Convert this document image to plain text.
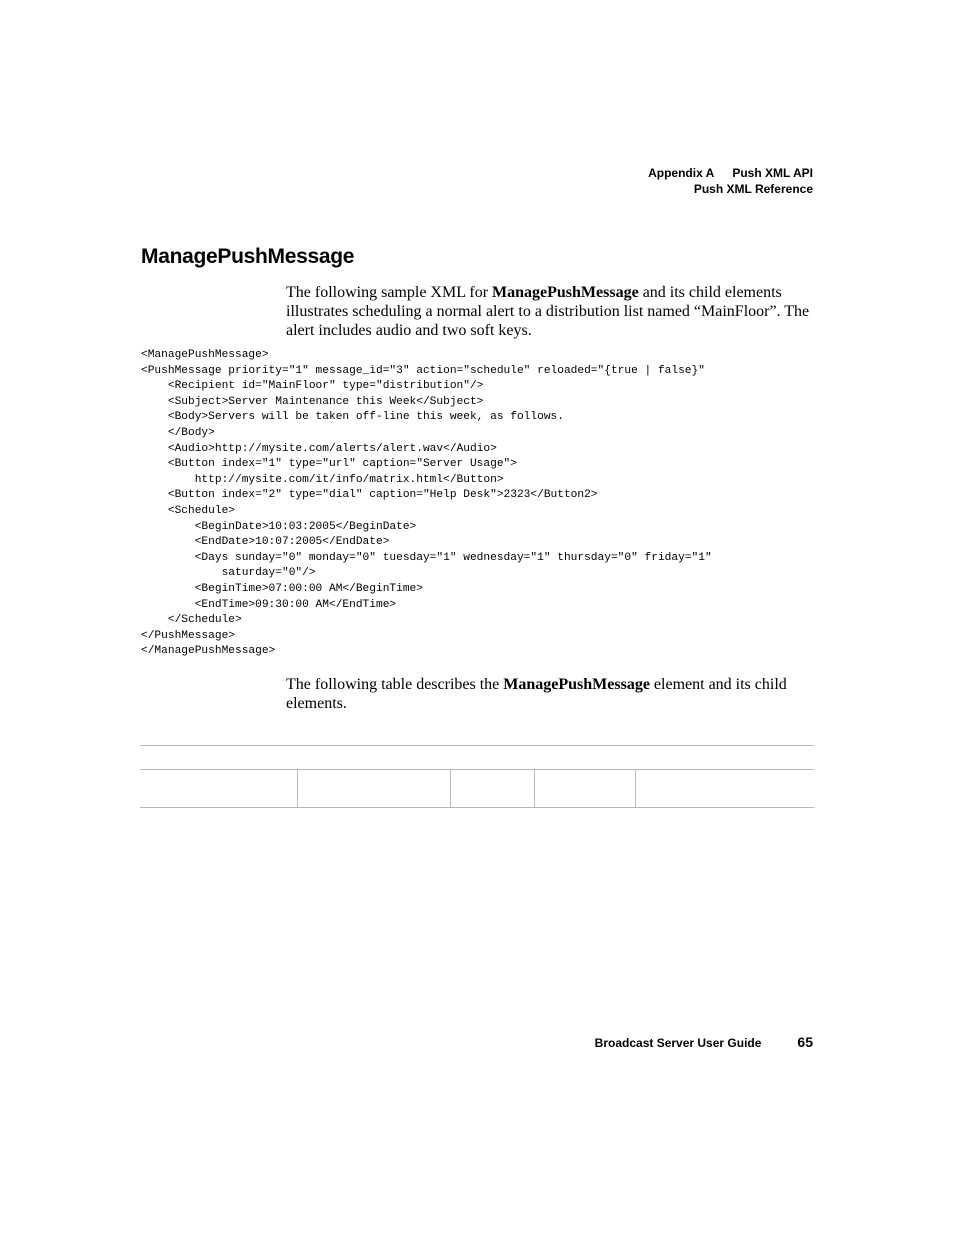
Appendix A Push XML API
Push XML Reference
ManagePushMessage

The following sample XML for ManagePushMessage and its child elements illustrates scheduling a normal alert to a distribution list named “MainFloor”. The alert includes audio and two soft keys.

<ManagePushMessage>
<PushMessage priority="1" message_id="3" action="schedule" reloaded="{true | false}"
<Recipient id="MainFloor" type="distribution"/>
<Subject>Server Maintenance this Week</Subject>
<Body>Servers will be taken off-line this week, as follows.
</Body>
<Audio>http://mysite.com/alerts/alert.wav</Audio>
<Button index="1" type="url" caption="Server Usage">
http://mysite.com/it/info/matrix.html</Button>
<Button index="2" type="dial" caption="Help Desk">2323</Button2>
<Schedule>
<BeginDate>10:03:2005</BeginDate>
<EndDate>10:07:2005</EndDate>
<Days sunday="0" monday="0" tuesday="1" wednesday="1" thursday="0" friday="1"
saturday="0"/>
<BeginTime>07:00:00 AM</BeginTime>
<EndTime>09:30:00 AM</EndTime>
</Schedule>
</PushMessage>
</ManagePushMessage>

The following table describes the ManagePushMessage element and its child elements.

Broadcast Server User Guide	65
